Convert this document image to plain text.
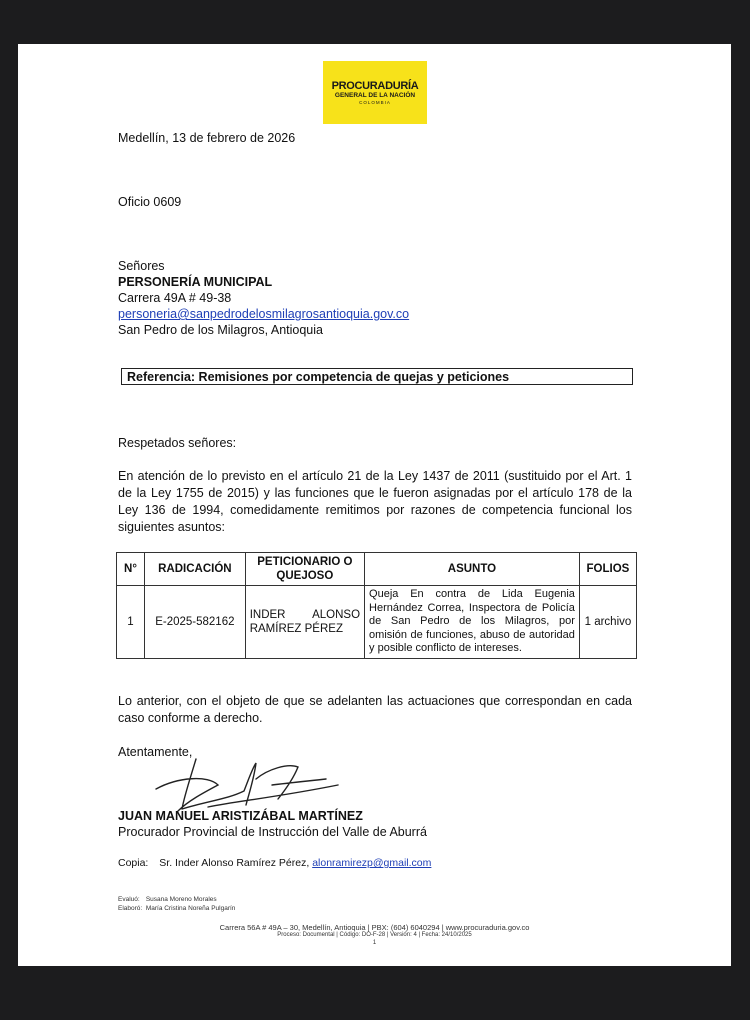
PROCURADURÍA
GENERAL DE LA NACIÓN
COLOMBIA
Medellín, 13 de febrero de 2026
Oficio 0609
Señores
PERSONERÍA MUNICIPAL
Carrera 49A # 49-38
personeria@sanpedrodelosmilagrosantioquia.gov.co
San Pedro de los Milagros, Antioquia
Referencia: Remisiones por competencia de quejas y peticiones
Respetados señores:
En atención de lo previsto en el artículo 21 de la Ley 1437 de 2011 (sustituido por el Art. 1 de la Ley 1755 de 2015) y las funciones que le fueron asignadas por el artículo 178 de la Ley 136 de 1994, comedidamente remitimos por razones de competencia funcional los siguientes asuntos:
N°	RADICACIÓN	PETICIONARIO O QUEJOSO	ASUNTO	FOLIOS
1	E-2025-582162	INDER ALONSO RAMÍREZ PÉREZ	Queja En contra de Lida Eugenia Hernández Correa, Inspectora de Policía de San Pedro de los Milagros, por omisión de funciones, abuso de autoridad y posible conflicto de intereses.	1 archivo
Lo anterior, con el objeto de que se adelanten las actuaciones que correspondan en cada caso conforme a derecho.
Atentamente,
JUAN MANUEL ARISTIZÁBAL MARTÍNEZ
Procurador Provincial de Instrucción del Valle de Aburrá
Copia: Sr. Inder Alonso Ramírez Pérez, alonramirezp@gmail.com
Evaluó: Susana Moreno Morales
Elaboró: María Cristina Noreña Pulgarín
Carrera 56A # 49A – 30, Medellín, Antioquia | PBX: (604) 6040294 | www.procuraduria.gov.co
Proceso: Documental | Código: DO-F-28 | Versión: 4 | Fecha: 24/10/2025
1
